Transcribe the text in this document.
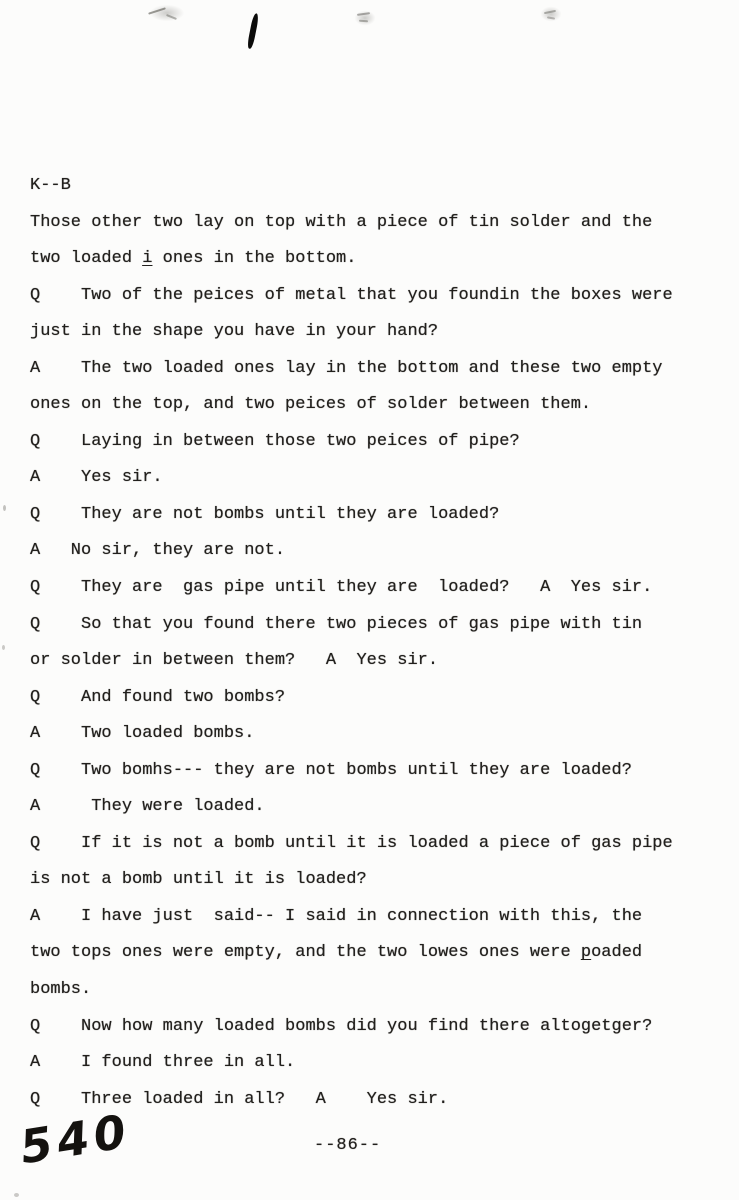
K--B
Those other two lay on top with a piece of tin solder and the
two loaded i ones in the bottom.
Q    Two of the peices of metal that you foundin the boxes were
just in the shape you have in your hand?
A    The two loaded ones lay in the bottom and these two empty
ones on the top, and two peices of solder between them.
Q    Laying in between those two peices of pipe?
A    Yes sir.
Q    They are not bombs until they are loaded?
A   No sir, they are not.
Q    They are  gas pipe until they are  loaded?   A  Yes sir.
Q    So that you found there two pieces of gas pipe with tin
or solder in between them?   A  Yes sir.
Q    And found two bombs?
A    Two loaded bombs.
Q    Two bomhs--- they are not bombs until they are loaded?
A     They were loaded.
Q    If it is not a bomb until it is loaded a piece of gas pipe
is not a bomb until it is loaded?
A    I have just  said-- I said in connection with this, the
two tops ones were empty, and the two lowes ones were poaded
bombs.
Q    Now how many loaded bombs did you find there altogetger?
A    I found three in all.
Q    Three loaded in all?   A    Yes sir.
--86--
540
